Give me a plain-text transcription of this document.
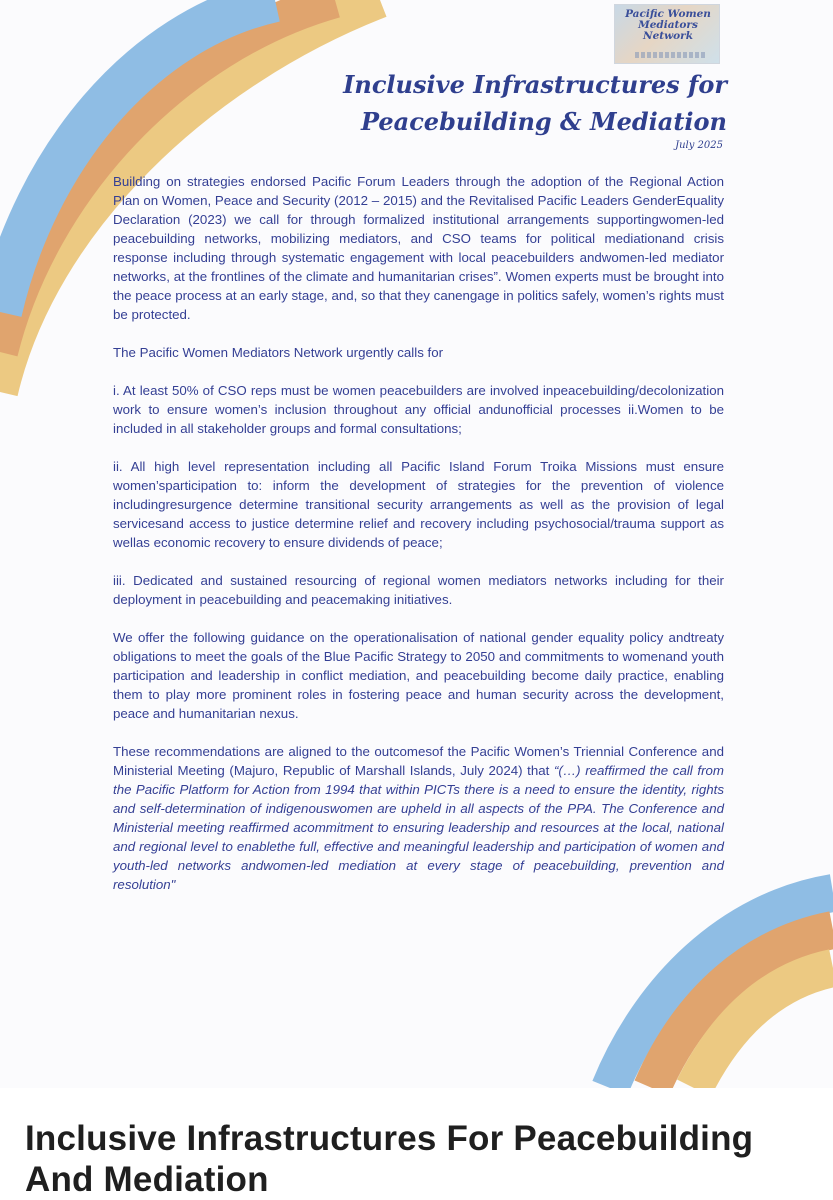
Pacific Women Mediators Network
Inclusive Infrastructures for
Peacebuilding & Mediation
July 2025

Building on strategies endorsed Pacific Forum Leaders through the adoption of the Regional Action Plan on Women, Peace and Security (2012 – 2015) and the Revitalised Pacific Leaders GenderEquality Declaration (2023) we call for through formalized institutional arrangements supportingwomen-led peacebuilding networks, mobilizing mediators, and CSO teams for political mediationand crisis response including through systematic engagement with local peacebuilders andwomen-led mediator networks, at the frontlines of the climate and humanitarian crises”. Women experts must be brought into the peace process at an early stage, and, so that they canengage in politics safely, women’s rights must be protected.

The Pacific Women Mediators Network urgently calls for

i. At least 50% of CSO reps must be women peacebuilders are involved inpeacebuilding/decolonization work to ensure women’s inclusion throughout any official andunofficial processes ii.Women to be included in all stakeholder groups and formal consultations;

ii. All high level representation including all Pacific Island Forum Troika Missions must ensure women’sparticipation to: inform the development of strategies for the prevention of violence includingresurgence determine transitional security arrangements as well as the provision of legal servicesand access to justice determine relief and recovery including psychosocial/trauma support as wellas economic recovery to ensure dividends of peace;

iii. Dedicated and sustained resourcing of regional women mediators networks including for their deployment in peacebuilding and peacemaking initiatives.

We offer the following guidance on the operationalisation of national gender equality policy andtreaty obligations to meet the goals of the Blue Pacific Strategy to 2050 and commitments to womenand youth participation and leadership in conflict mediation, and peacebuilding become daily practice, enabling them to play more prominent roles in fostering peace and human security across the development, peace and humanitarian nexus.

These recommendations are aligned to the outcomesof the Pacific Women’s Triennial Conference and Ministerial Meeting (Majuro, Republic of Marshall Islands, July 2024) that “(…) reaffirmed the call from the Pacific Platform for Action from 1994 that within PICTs there is a need to ensure the identity, rights and self-determination of indigenouswomen are upheld in all aspects of the PPA. The Conference and Ministerial meeting reaffirmed acommitment to ensuring leadership and resources at the local, national and regional level to enablethe full, effective and meaningful leadership and participation of women and youth-led networks andwomen-led mediation at every stage of peacebuilding, prevention and resolution"

Inclusive Infrastructures For Peacebuilding And Mediation
